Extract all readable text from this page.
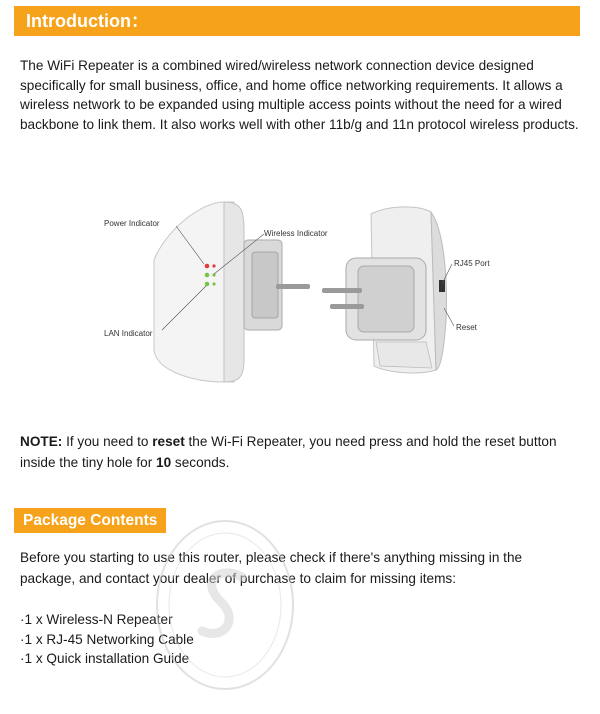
Introduction：

The WiFi Repeater is a combined wired/wireless network connection device designed specifically for small business, office, and home office networking requirements. It allows a wireless network to be expanded using multiple access points without the need for a wired backbone to link them. It also works well with other 11b/g and 11n protocol wireless products.

Power Indicator
Wireless Indicator
LAN Indicator
RJ45 Port
Reset

NOTE: If you need to reset the Wi-Fi Repeater, you need press and hold the reset button inside the tiny hole for 10 seconds.

Package Contents

Before you starting to use this router, please check if there's anything missing in the package, and contact your dealer of purchase to claim for missing items:

·1 x Wireless-N Repeater
·1 x RJ-45 Networking Cable
·1 x Quick installation Guide
